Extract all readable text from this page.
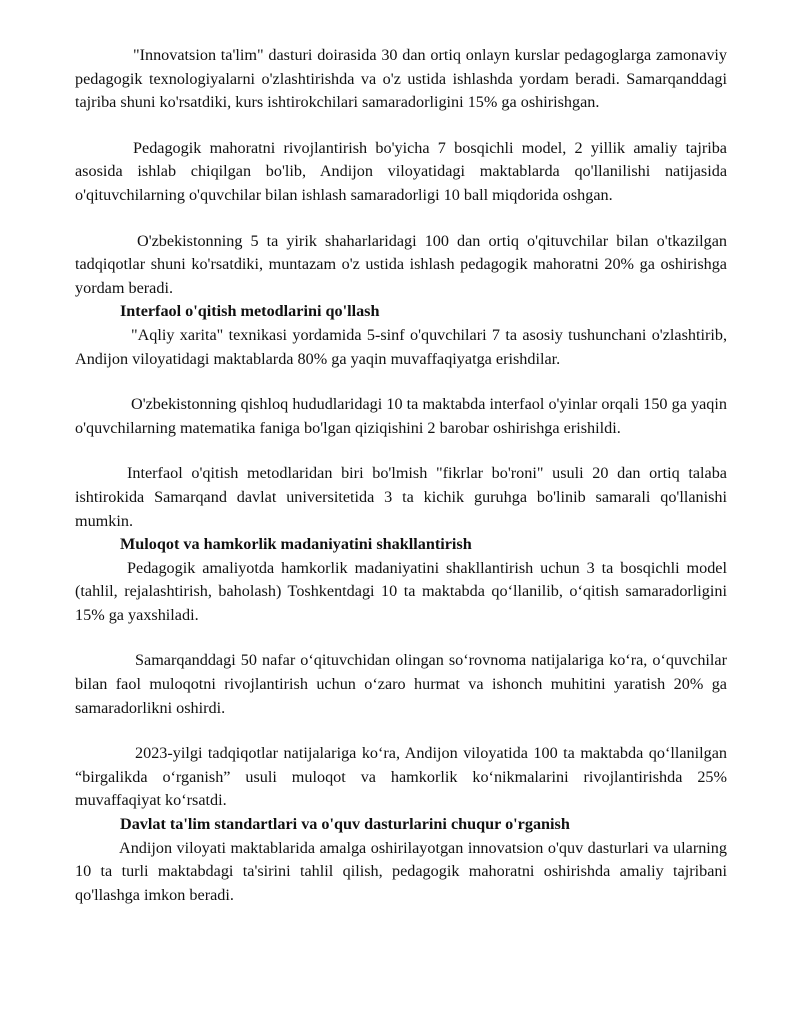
"Innovatsion ta'lim" dasturi doirasida 30 dan ortiq onlayn kurslar pedagoglarga zamonaviy pedagogik texnologiyalarni o'zlashtirishda va o'z ustida ishlashda yordam beradi. Samarqanddagi tajriba shuni ko'rsatdiki, kurs ishtirokchilari samaradorligini 15% ga oshirishgan.

Pedagogik mahoratni rivojlantirish bo'yicha 7 bosqichli model, 2 yillik amaliy tajriba asosida ishlab chiqilgan bo'lib, Andijon viloyatidagi maktablarda qo'llanilishi natijasida o'qituvchilarning o'quvchilar bilan ishlash samaradorligi 10 ball miqdorida oshgan.

O'zbekistonning 5 ta yirik shaharlaridagi 100 dan ortiq o'qituvchilar bilan o'tkazilgan tadqiqotlar shuni ko'rsatdiki, muntazam o'z ustida ishlash pedagogik mahoratni 20% ga oshirishga yordam beradi.

Interfaol o'qitish metodlarini qo'llash

"Aqliy xarita" texnikasi yordamida 5-sinf o'quvchilari 7 ta asosiy tushunchani o'zlashtirib, Andijon viloyatidagi maktablarda 80% ga yaqin muvaffaqiyatga erishdilar.

O'zbekistonning qishloq hududlaridagi 10 ta maktabda interfaol o'yinlar orqali 150 ga yaqin o'quvchilarning matematika faniga bo'lgan qiziqishini 2 barobar oshirishga erishildi.

Interfaol o'qitish metodlaridan biri bo'lmish "fikrlar bo'roni" usuli 20 dan ortiq talaba ishtirokida Samarqand davlat universitetida 3 ta kichik guruhga bo'linib samarali qo'llanishi mumkin.

Muloqot va hamkorlik madaniyatini shakllantirish

Pedagogik amaliyotda hamkorlik madaniyatini shakllantirish uchun 3 ta bosqichli model (tahlil, rejalashtirish, baholash) Toshkentdagi 10 ta maktabda qo‘llanilib, o‘qitish samaradorligini 15% ga yaxshiladi.

Samarqanddagi 50 nafar o‘qituvchidan olingan so‘rovnoma natijalariga ko‘ra, o‘quvchilar bilan faol muloqotni rivojlantirish uchun o‘zaro hurmat va ishonch muhitini yaratish 20% ga samaradorlikni oshirdi.

2023-yilgi tadqiqotlar natijalariga ko‘ra, Andijon viloyatida 100 ta maktabda qo‘llanilgan “birgalikda o‘rganish” usuli muloqot va hamkorlik ko‘nikmalarini rivojlantirishda 25% muvaffaqiyat ko‘rsatdi.

Davlat ta'lim standartlari va o'quv dasturlarini chuqur o'rganish

Andijon viloyati maktablarida amalga oshirilayotgan innovatsion o'quv dasturlari va ularning 10 ta turli maktabdagi ta'sirini tahlil qilish, pedagogik mahoratni oshirishda amaliy tajribani qo'llashga imkon beradi.
